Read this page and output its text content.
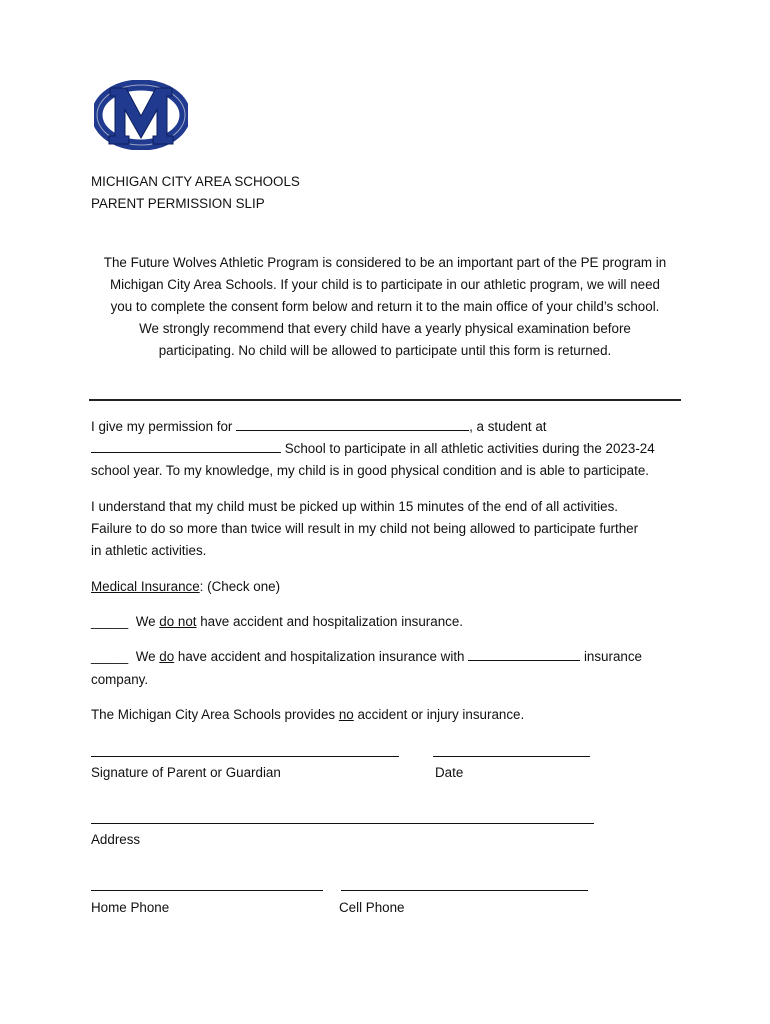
MICHIGAN CITY AREA SCHOOLS
PARENT PERMISSION SLIP
The Future Wolves Athletic Program is considered to be an important part of the PE program in
Michigan City Area Schools. If your child is to participate in our athletic program, we will need
you to complete the consent form below and return it to the main office of your child’s school.
We strongly recommend that every child have a yearly physical examination before
participating. No child will be allowed to participate until this form is returned.
I give my permission for	, a student at
School to participate in all athletic activities during the 2023-24
school year. To my knowledge, my child is in good physical condition and is able to participate.
I understand that my child must be picked up within 15 minutes of the end of all activities.
Failure to do so more than twice will result in my child not being allowed to participate further
in athletic activities.
Medical Insurance: (Check one)
_____  We do not have accident and hospitalization insurance.
_____  We do have accident and hospitalization insurance with	insurance
company.
The Michigan City Area Schools provides no accident or injury insurance.
Signature of Parent or Guardian	Date
Address
Home Phone	Cell Phone
